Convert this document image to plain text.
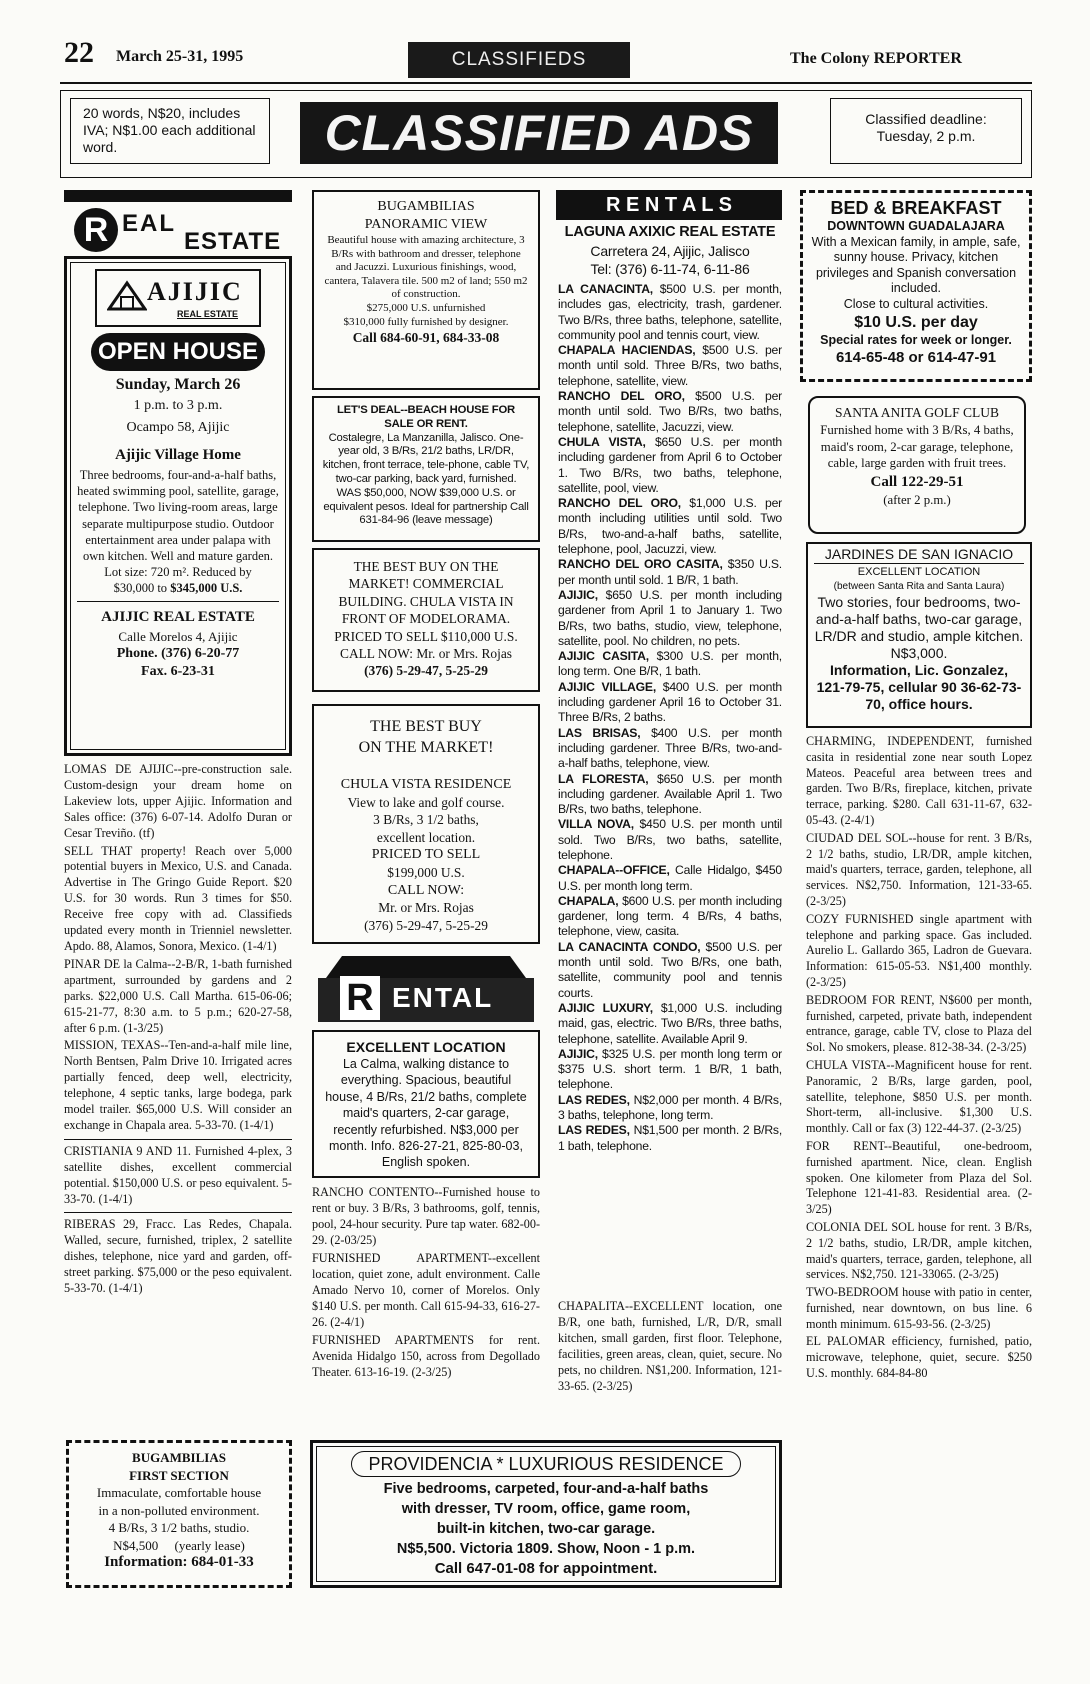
22 March 25-31, 1995	CLASSIFIEDS	The Colony REPORTER
20 words, N$20, includes IVA; N$1.00 each additional word.	CLASSIFIED ADS	Classified deadline:
Tuesday, 2 p.m.
R EAL
ESTATE
AJIJIC
REAL ESTATE
OPEN HOUSE
Sunday, March 26
1 p.m. to 3 p.m.
Ocampo 58, Ajijic
Ajijic Village Home
Three bedrooms, four-and-a-half baths, heated swimming pool, satellite, garage, telephone. Two living-room areas, large separate multipurpose studio. Outdoor entertainment area under palapa with own kitchen. Well and mature garden.
Lot size: 720 m². Reduced by
$30,000 to $345,000 U.S.
AJIJIC REAL ESTATE
Calle Morelos 4, Ajijic
Phone. (376) 6-20-77
Fax. 6-23-31

LOMAS DE AJIJIC--pre-construction sale. Custom-design your dream home on Lakeview lots, upper Ajijic. Information and Sales office: (376) 6-07-14. Adolfo Duran or Cesar Treviño. (tf)

SELL THAT property! Reach over 5,000 potential buyers in Mexico, U.S. and Canada. Advertise in The Gringo Guide Report. $20 U.S. for 30 words. Run 3 times for $50. Receive free copy with ad. Classifieds updated every month in Trienniel newsletter. Apdo. 88, Alamos, Sonora, Mexico. (1-4/1)

PINAR DE la Calma--2-B/R, 1-bath furnished apartment, surrounded by gardens and 2 parks. $22,000 U.S. Call Martha. 615-06-06; 615-21-77, 8:30 a.m. to 5 p.m.; 620-27-58, after 6 p.m. (1-3/25)

MISSION, TEXAS--Ten-and-a-half mile line, North Bentsen, Palm Drive 10. Irrigated acres partially fenced, deep well, electricity, telephone, 4 septic tanks, large bodega, park model trailer. $65,000 U.S. Will consider an exchange in Chapala area. 5-33-70. (1-4/1)

CRISTIANIA 9 AND 11. Furnished 4-plex, 3 satellite dishes, excellent commercial potential. $150,000 U.S. or peso equivalent. 5-33-70. (1-4/1)

RIBERAS 29, Fracc. Las Redes, Chapala. Walled, secure, furnished, triplex, 2 satellite dishes, telephone, nice yard and garden, off-street parking. $75,000 or the peso equivalent. 5-33-70. (1-4/1)

BUGAMBILIAS
FIRST SECTION
Immaculate, comfortable house
in a non-polluted environment.
4 B/Rs, 3 1/2 baths, studio.
N$4,500     (yearly lease)
Information: 684-01-33
BUGAMBILIAS
PANORAMIC VIEW
Beautiful house with amazing architecture, 3 B/Rs with bathroom and dresser, telephone and Jacuzzi. Luxurious finishings, wood, cantera, Talavera tile. 500 m2 of land; 550 m2 of construction.
$275,000 U.S. unfurnished
$310,000 fully furnished by designer.
Call 684-60-91, 684-33-08
LET'S DEAL--BEACH HOUSE FOR SALE OR RENT.
Costalegre, La Manzanilla, Jalisco. One-year old, 3 B/Rs, 21/2 baths, LR/DR, kitchen, front terrace, tele-phone, cable TV, two-car parking, back yard, furnished. WAS $50,000, NOW $39,000 U.S. or equivalent pesos. Ideal for partnership Call 631-84-96 (leave message)
THE BEST BUY ON THE
MARKET! COMMERCIAL
BUILDING. CHULA VISTA IN
FRONT OF MODELORAMA.
PRICED TO SELL $110,000 U.S.
CALL NOW: Mr. or Mrs. Rojas
(376) 5-29-47, 5-25-29
THE BEST BUY
ON THE MARKET!
CHULA VISTA RESIDENCE
View to lake and golf course.
3 B/Rs, 3 1/2 baths,
excellent location.
PRICED TO SELL
$199,000 U.S.
CALL NOW:
Mr. or Mrs. Rojas
(376) 5-29-47, 5-25-29
R ENTAL
EXCELLENT LOCATION
La Calma, walking distance to everything. Spacious, beautiful house, 4 B/Rs, 21/2 baths, complete maid's quarters, 2-car garage, recently refurbished. N$3,000 per month. Info. 826-27-21, 825-80-03, English spoken.

RANCHO CONTENTO--Furnished house to rent or buy. 3 B/Rs, 3 bathrooms, golf, tennis, pool, 24-hour security. Pure tap water. 682-00-29. (2-03/25)

FURNISHED APARTMENT--excellent location, quiet zone, adult environment. Calle Amado Nervo 10, corner of Morelos. Only $140 U.S. per month. Call 615-94-33, 616-27-26. (2-4/1)

FURNISHED APARTMENTS for rent. Avenida Hidalgo 150, across from Degollado Theater. 613-16-19. (2-3/25)

R E N T A L S
LAGUNA AXIXIC REAL ESTATE
Carretera 24, Ajijic, Jalisco
Tel: (376) 6-11-74, 6-11-86
LA CANACINTA, $500 U.S. per month, includes gas, electricity, trash, gardener. Two B/Rs, three baths, telephone, satellite, community pool and tennis court, view.
CHAPALA HACIENDAS, $500 U.S. per month until sold. Three B/Rs, two baths, telephone, satellite, view.
RANCHO DEL ORO, $500 U.S. per month until sold. Two B/Rs, two baths, telephone, satellite, Jacuzzi, view.
CHULA VISTA, $650 U.S. per month including gardener from April 6 to October 1. Two B/Rs, two baths, telephone, satellite, pool, view.
RANCHO DEL ORO, $1,000 U.S. per month including utilities until sold. Two B/Rs, two-and-a-half baths, satellite, telephone, pool, Jacuzzi, view.
RANCHO DEL ORO CASITA, $350 U.S. per month until sold. 1 B/R, 1 bath.
AJIJIC, $650 U.S. per month including gardener from April 1 to January 1. Two B/Rs, two baths, studio, view, telephone, satellite, pool. No children, no pets.
AJIJIC CASITA, $300 U.S. per month, long term. One B/R, 1 bath.
AJIJIC VILLAGE, $400 U.S. per month including gardener April 16 to October 31. Three B/Rs, 2 baths.
LAS BRISAS, $400 U.S. per month including gardener. Three B/Rs, two-and-a-half baths, telephone, view.
LA FLORESTA, $650 U.S. per month including gardener. Available April 1. Two B/Rs, two baths, telephone.
VILLA NOVA, $450 U.S. per month until sold. Two B/Rs, two baths, satellite, telephone.
CHAPALA--OFFICE, Calle Hidalgo, $450 U.S. per month long term.
CHAPALA, $600 U.S. per month including gardener, long term. 4 B/Rs, 4 baths, telephone, view, casita.
LA CANACINTA CONDO, $500 U.S. per month until sold. Two B/Rs, one bath, satellite, community pool and tennis courts.
AJIJIC LUXURY, $1,000 U.S. including maid, gas, electric. Two B/Rs, three baths, telephone, satellite. Available April 9.
AJIJIC, $325 U.S. per month long term or $375 U.S. short term. 1 B/R, 1 bath, telephone.
LAS REDES, N$2,000 per month. 4 B/Rs, 3 baths, telephone, long term.
LAS REDES, N$1,500 per month. 2 B/Rs, 1 bath, telephone.
CHAPALITA--EXCELLENT location, one B/R, one bath, furnished, L/R, D/R, small kitchen, small garden, first floor. Telephone, facilities, green areas, clean, quiet, secure. No pets, no children. N$1,200. Information, 121-33-65. (2-3/25)
PROVIDENCIA * LUXURIOUS RESIDENCE
Five bedrooms, carpeted, four-and-a-half baths
with dresser, TV room, office, game room,
built-in kitchen, two-car garage.
N$5,500. Victoria 1809. Show, Noon - 1 p.m.
Call 647-01-08 for appointment.
BED & BREAKFAST
DOWNTOWN GUADALAJARA
With a Mexican family, in ample, safe, sunny house. Privacy, kitchen privileges and Spanish conversation included.
Close to cultural activities.
$10 U.S. per day
Special rates for week or longer.
614-65-48 or 614-47-91
SANTA ANITA GOLF CLUB
Furnished home with 3 B/Rs, 4 baths, maid's room, 2-car garage, telephone, cable, large garden with fruit trees.
Call 122-29-51
(after 2 p.m.)
JARDINES DE SAN IGNACIO
EXCELLENT LOCATION
(between Santa Rita and Santa Laura)
Two stories, four bedrooms, two-and-a-half baths, two-car garage, LR/DR and studio, ample kitchen. N$3,000.
Information, Lic. Gonzalez, 121-79-75, cellular 90 36-62-73-70, office hours.

CHARMING, INDEPENDENT, furnished casita in residential zone near south Lopez Mateos. Peaceful area between trees and garden. Two B/Rs, fireplace, kitchen, private terrace, parking. $280. Call 631-11-67, 632-05-43. (2-4/1)

CIUDAD DEL SOL--house for rent. 3 B/Rs, 2 1/2 baths, studio, LR/DR, ample kitchen, maid's quarters, terrace, garden, telephone, all services. N$2,750. Information, 121-33-65. (2-3/25)

COZY FURNISHED single apartment with telephone and parking space. Gas included. Aurelio L. Gallardo 365, Ladron de Guevara. Information: 615-05-53. N$1,400 monthly. (2-3/25)

BEDROOM FOR RENT, N$600 per month, furnished, carpeted, private bath, independent entrance, garage, cable TV, close to Plaza del Sol. No smokers, please. 812-38-34. (2-3/25)

CHULA VISTA--Magnificent house for rent. Panoramic, 2 B/Rs, large garden, pool, satellite, telephone, $850 U.S. per month. Short-term, all-inclusive. $1,300 U.S. monthly. Call or fax (3) 122-44-37. (2-3/25)

FOR RENT--Beautiful, one-bedroom, furnished apartment. Nice, clean. English spoken. One kilometer from Plaza del Sol. Telephone 121-41-83. Residential area. (2-3/25)

COLONIA DEL SOL house for rent. 3 B/Rs, 2 1/2 baths, studio, LR/DR, ample kitchen, maid's quarters, terrace, garden, telephone, all services. N$2,750. 121-33065. (2-3/25)

TWO-BEDROOM house with patio in center, furnished, near downtown, on bus line. 6 month minimum. 615-93-56. (2-3/25)

EL PALOMAR efficiency, furnished, patio, microwave, telephone, quiet, secure. $250 U.S. monthly. 684-84-80
